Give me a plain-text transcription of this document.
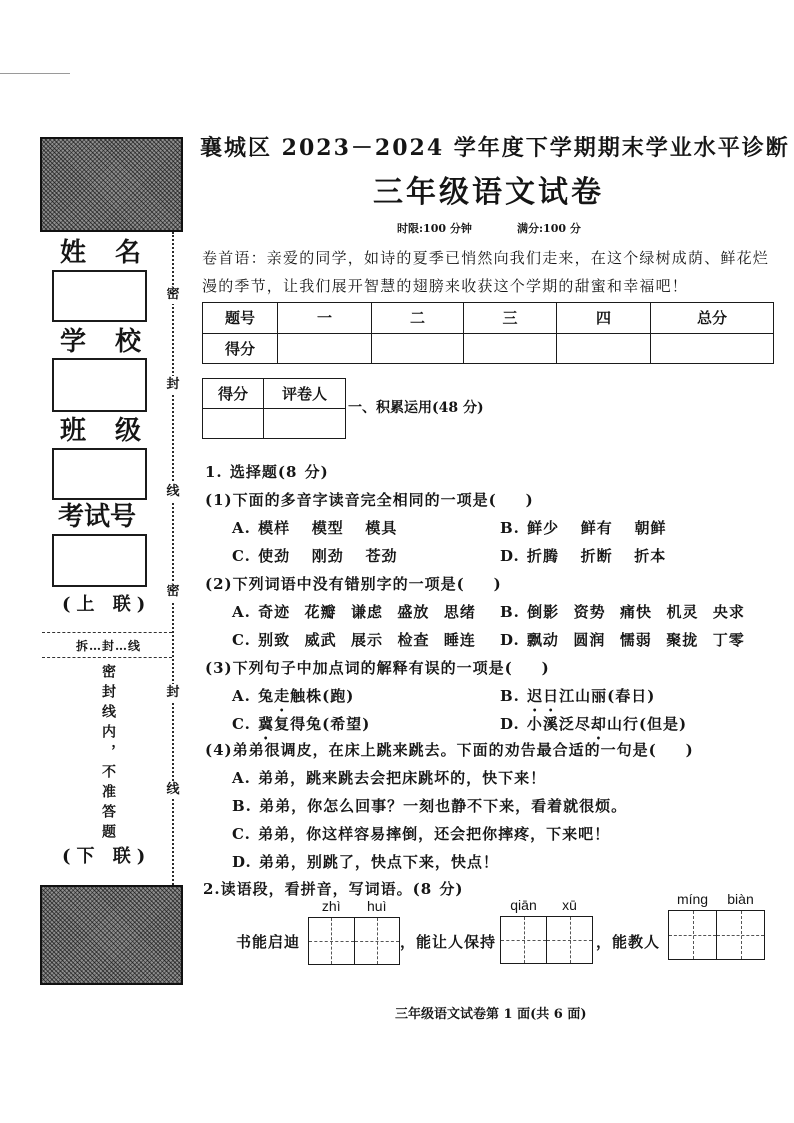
姓 名
学 校
班 级
考试号
(上 联)
拆…封…线
密封线内，不准答题
(下 联)
密
封
线
密
封
线
襄城区 2023－2024 学年度下学期期末学业水平诊断
三年级语文试卷
时限:100 分钟	满分:100 分
卷首语：亲爱的同学，如诗的夏季已悄然向我们走来，在这个绿树成荫、鲜花烂
漫的季节，让我们展开智慧的翅膀来收获这个学期的甜蜜和幸福吧！
题号	一	二	三	四	总分
得分					
得分	评卷人

一、积累运用(48 分)
1. 选择题(8 分)
(1)下面的多音字读音完全相同的一项是(    )
A. 模样   模型   模具	B. 鲜少   鲜有   朝鲜
C. 使劲   刚劲   苍劲	D. 折腾   折断   折本
(2)下列词语中没有错别字的一项是(    )
A. 奇迹  花瓣  谦虑  盛放  思绪 B. 倒影  资势  痛快  机灵  央求
C. 别致  威武  展示  检查  睡连 D. 飘动  圆润  懦弱  聚拢  丁零
(3)下列句子中加点词的解释有误的一项是(    )
A. 兔走触株(跑)	B. 迟日江山丽(春日)
C. 冀复得兔(希望)	D. 小溪泛尽却山行(但是)
(4)弟弟很调皮，在床上跳来跳去。下面的劝告最合适的一句是(    )
A. 弟弟，跳来跳去会把床跳坏的，快下来！
B. 弟弟，你怎么回事？一刻也静不下来，看着就很烦。
C. 弟弟，你这样容易摔倒，还会把你摔疼，下来吧！
D. 弟弟，别跳了，快点下来，快点！
2.读语段，看拼音，写词语。(8 分)
书能启迪
zhì	huì
，能让人保持
qiān	xū
，能教人
míng	biàn
三年级语文试卷第 1 面(共 6 面)
